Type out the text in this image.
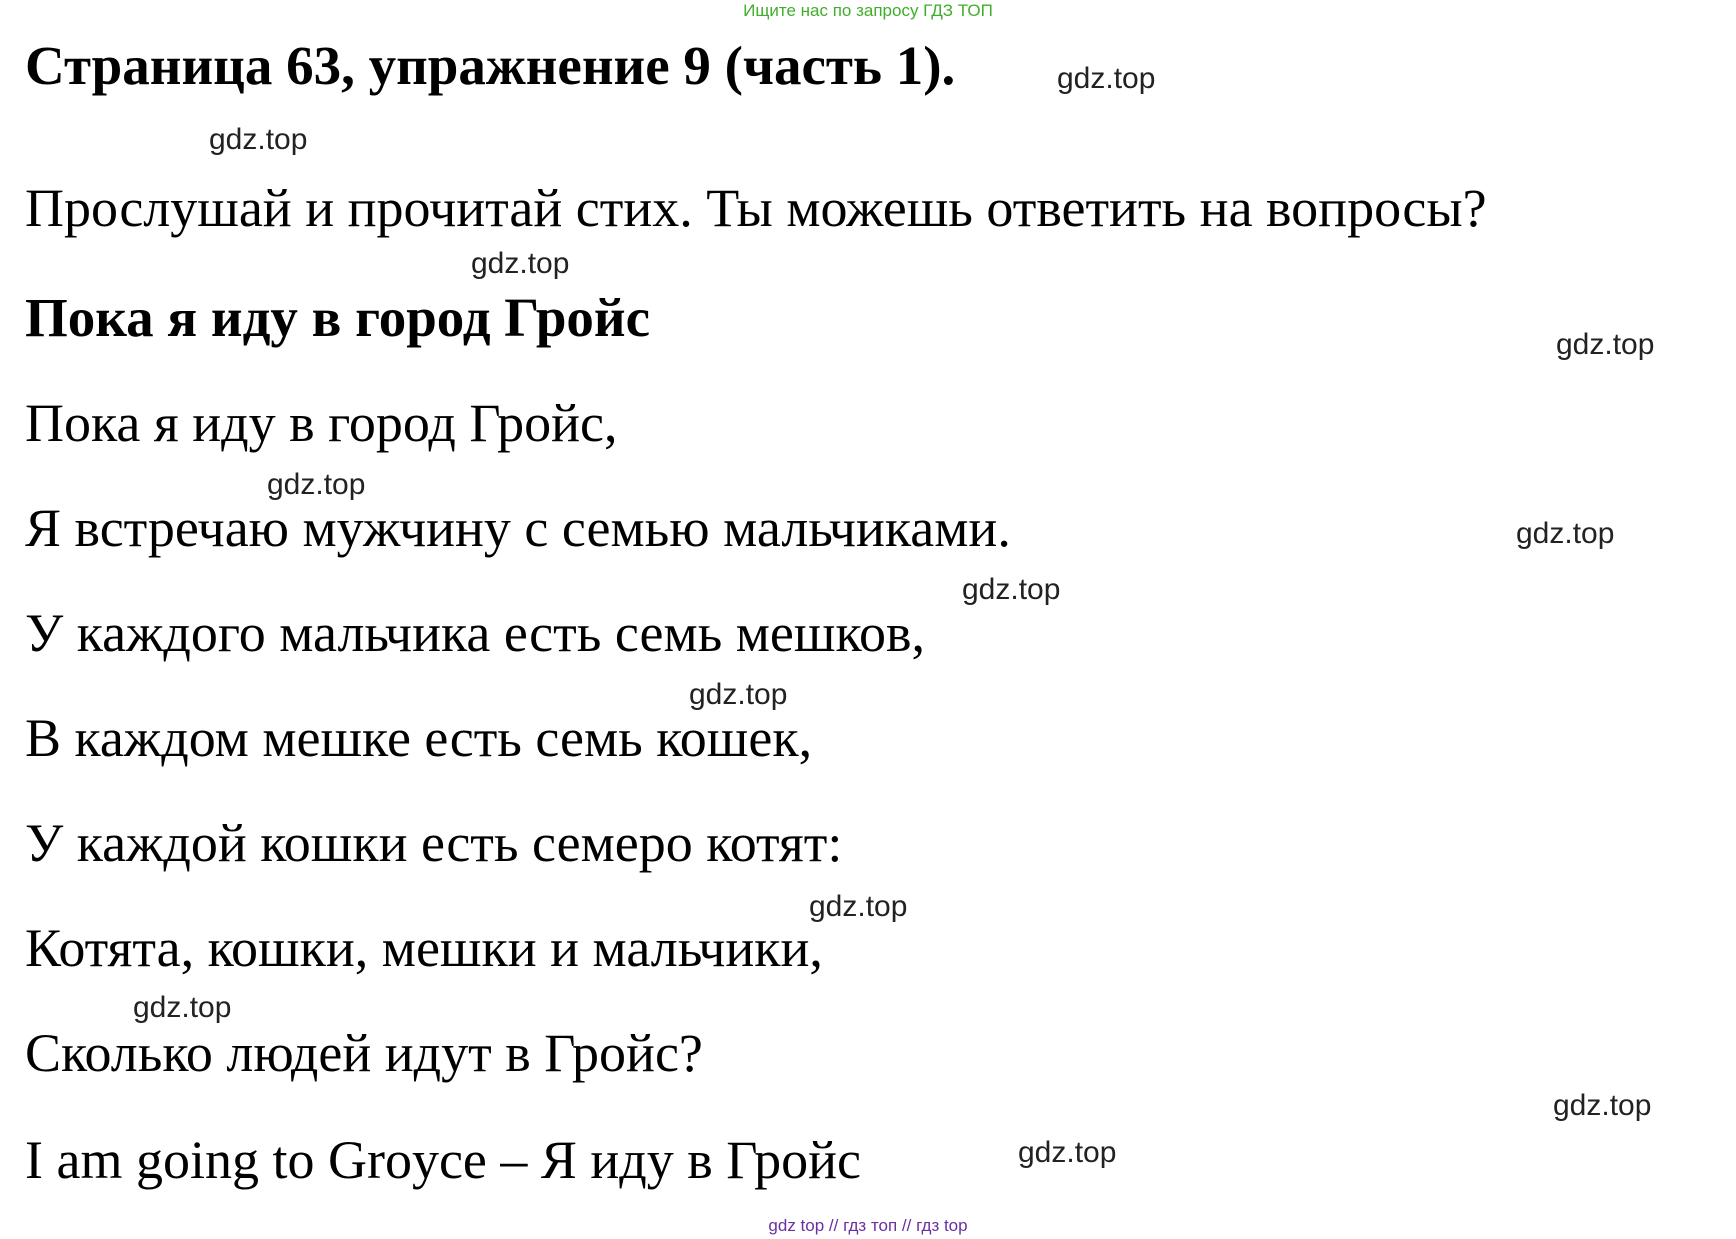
Ищите нас по запросу ГДЗ ТОП
Страница 63, упражнение 9 (часть 1).
Прослушай и прочитай стих. Ты можешь ответить на вопросы?
Пока я иду в город Гройс
Пока я иду в город Гройс,
Я встречаю мужчину с семью мальчиками.
У каждого мальчика есть семь мешков,
В каждом мешке есть семь кошек,
У каждой кошки есть семеро котят:
Котята, кошки, мешки и мальчики,
Сколько людей идут в Гройс?
I am going to Groyce – Я иду в Гройс
gdz.top
gdz.top
gdz.top
gdz.top
gdz.top
gdz.top
gdz.top
gdz.top
gdz.top
gdz.top
gdz.top
gdz.top
gdz top // гдз топ // гдз top
